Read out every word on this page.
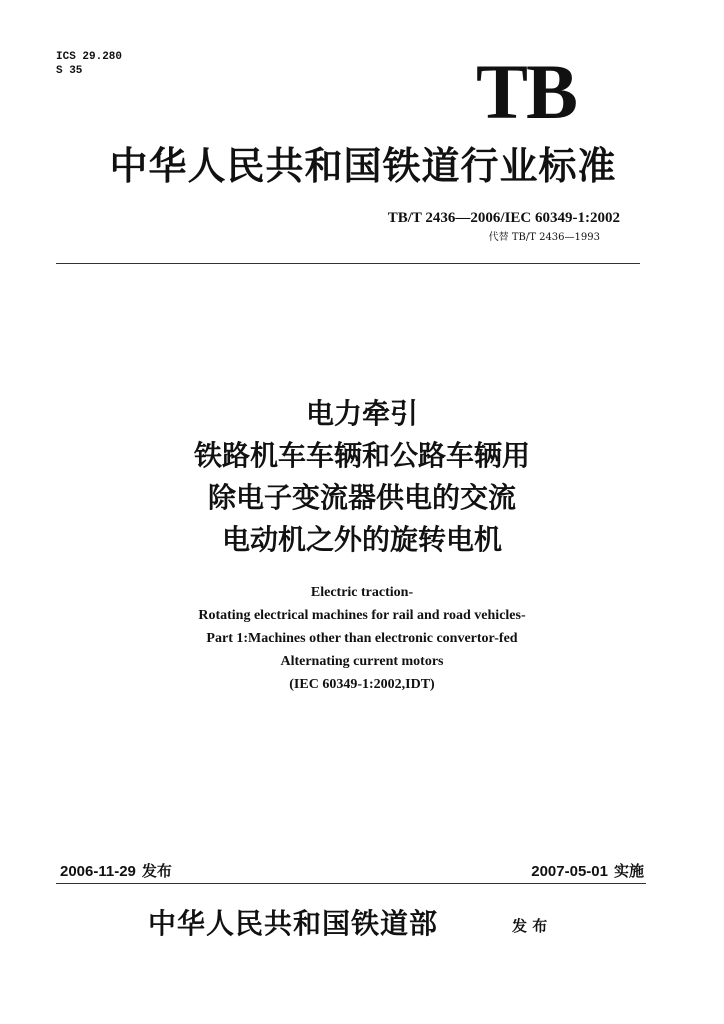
ICS 29.280
S 35	TB
中华人民共和国铁道行业标准
TB/T 2436—2006/IEC 60349-1:2002
代替 TB/T 2436—1993
电力牵引
铁路机车车辆和公路车辆用
除电子变流器供电的交流
电动机之外的旋转电机
Electric traction-
Rotating electrical machines for rail and road vehicles-
Part 1:Machines other than electronic convertor-fed
Alternating current motors
(IEC 60349-1:2002,IDT)
2006-11-29 发布	2007-05-01 实施
中华人民共和国铁道部	发 布
